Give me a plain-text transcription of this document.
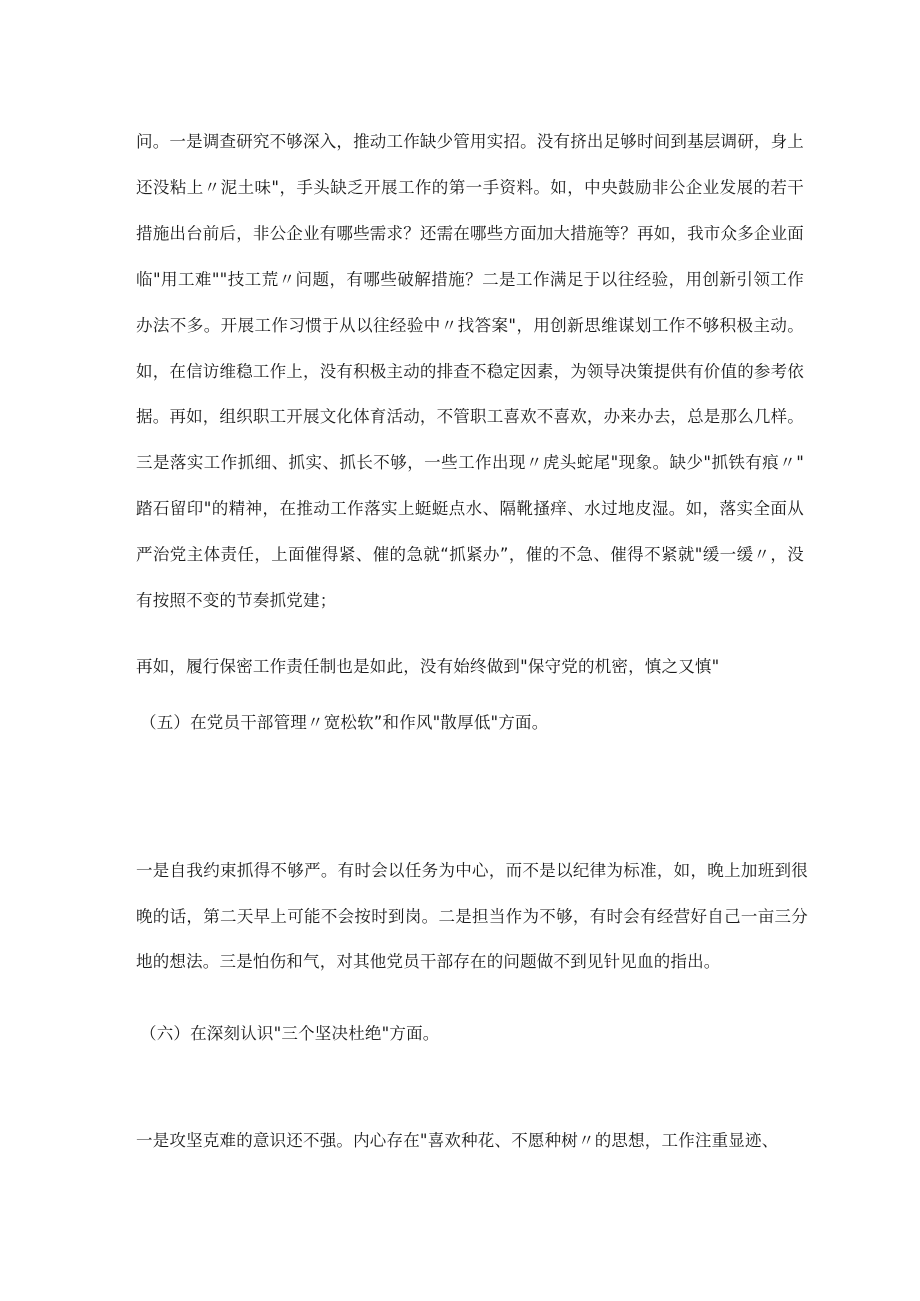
问。一是调查研究不够深入，推动工作缺少管用实招。没有挤出足够时间到基层调研，身上还没粘上〃泥土味"，手头缺乏开展工作的第一手资料。如，中央鼓励非公企业发展的若干措施出台前后，非公企业有哪些需求？还需在哪些方面加大措施等？再如，我市众多企业面临"用工难""技工荒〃问题，有哪些破解措施？二是工作满足于以往经验，用创新引领工作办法不多。开展工作习惯于从以往经验中〃找答案"，用创新思维谋划工作不够积极主动。如，在信访维稳工作上，没有积极主动的排查不稳定因素，为领导决策提供有价值的参考依据。再如，组织职工开展文化体育活动，不管职工喜欢不喜欢，办来办去，总是那么几样。三是落实工作抓细、抓实、抓长不够，一些工作出现〃虎头蛇尾"现象。缺少"抓铁有痕〃"踏石留印"的精神，在推动工作落实上蜓蜓点水、隔靴搔痒、水过地皮湿。如，落实全面从严治党主体责任，上面催得紧、催的急就“抓紧办”，催的不急、催得不紧就"缓一缓〃，没有按照不变的节奏抓党建；

再如，履行保密工作责任制也是如此，没有始终做到"保守党的机密，慎之又慎"

（五）在党员干部管理〃宽松软”和作风"散厚低"方面。

一是自我约束抓得不够严。有时会以任务为中心，而不是以纪律为标准，如，晚上加班到很晚的话，第二天早上可能不会按时到岗。二是担当作为不够，有时会有经营好自己一亩三分地的想法。三是怕伤和气，对其他党员干部存在的问题做不到见针见血的指出。

（六）在深刻认识"三个坚决杜绝"方面。

一是攻坚克难的意识还不强。内心存在"喜欢种花、不愿种树〃的思想，工作注重显迹、
